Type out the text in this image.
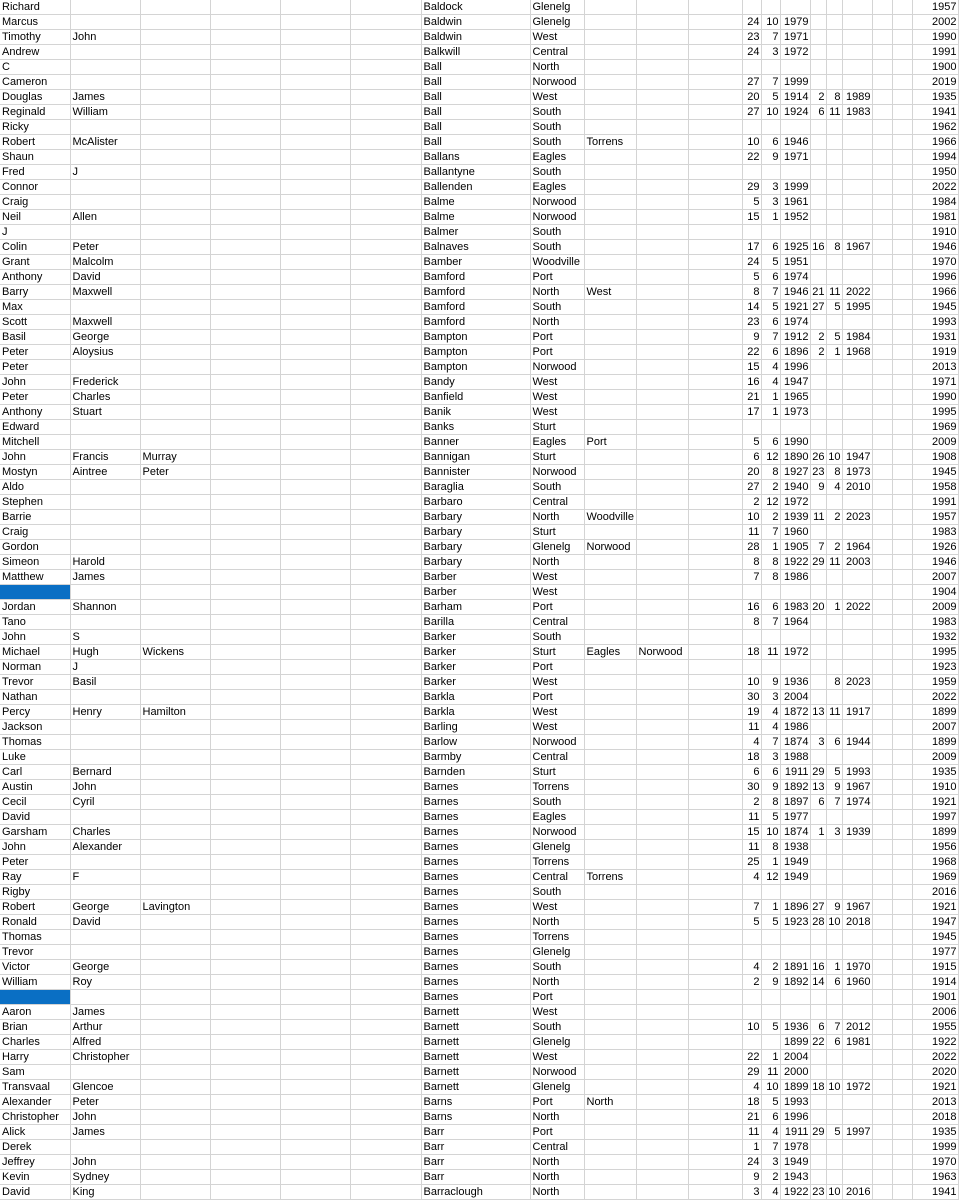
Richard						Baldock	Glenelg												1957
Marcus						Baldwin	Glenelg				24	10	1979						2002
Timothy	John					Baldwin	West				23	7	1971						1990
Andrew						Balkwill	Central				24	3	1972						1991
C						Ball	North												1900
Cameron						Ball	Norwood				27	7	1999						2019
Douglas	James					Ball	West				20	5	1914	2	8	1989			1935
Reginald	William					Ball	South				27	10	1924	6	11	1983			1941
Ricky						Ball	South												1962
Robert	McAlister					Ball	South	Torrens			10	6	1946						1966
Shaun						Ballans	Eagles				22	9	1971						1994
Fred	J					Ballantyne	South												1950
Connor						Ballenden	Eagles				29	3	1999						2022
Craig						Balme	Norwood				5	3	1961						1984
Neil	Allen					Balme	Norwood				15	1	1952						1981
J						Balmer	South												1910
Colin	Peter					Balnaves	South				17	6	1925	16	8	1967			1946
Grant	Malcolm					Bamber	Woodville				24	5	1951						1970
Anthony	David					Bamford	Port				5	6	1974						1996
Barry	Maxwell					Bamford	North	West			8	7	1946	21	11	2022			1966
Max						Bamford	South				14	5	1921	27	5	1995			1945
Scott	Maxwell					Bamford	North				23	6	1974						1993
Basil	George					Bampton	Port				9	7	1912	2	5	1984			1931
Peter	Aloysius					Bampton	Port				22	6	1896	2	1	1968			1919
Peter						Bampton	Norwood				15	4	1996						2013
John	Frederick					Bandy	West				16	4	1947						1971
Peter	Charles					Banfield	West				21	1	1965						1990
Anthony	Stuart					Banik	West				17	1	1973						1995
Edward						Banks	Sturt												1969
Mitchell						Banner	Eagles	Port			5	6	1990						2009
John	Francis	Murray				Bannigan	Sturt				6	12	1890	26	10	1947			1908
Mostyn	Aintree	Peter				Bannister	Norwood				20	8	1927	23	8	1973			1945
Aldo						Baraglia	South				27	2	1940	9	4	2010			1958
Stephen						Barbaro	Central				2	12	1972						1991
Barrie						Barbary	North	Woodville			10	2	1939	11	2	2023			1957
Craig						Barbary	Sturt				11	7	1960						1983
Gordon						Barbary	Glenelg	Norwood			28	1	1905	7	2	1964			1926
Simeon	Harold					Barbary	North				8	8	1922	29	11	2003			1946
Matthew	James					Barber	West				7	8	1986						2007
						Barber	West												1904
Jordan	Shannon					Barham	Port				16	6	1983	20	1	2022			2009
Tano						Barilla	Central				8	7	1964						1983
John	S					Barker	South												1932
Michael	Hugh	Wickens				Barker	Sturt	Eagles	Norwood		18	11	1972						1995
Norman	J					Barker	Port												1923
Trevor	Basil					Barker	West				10	9	1936		8	2023			1959
Nathan						Barkla	Port				30	3	2004						2022
Percy	Henry	Hamilton				Barkla	West				19	4	1872	13	11	1917			1899
Jackson						Barling	West				11	4	1986						2007
Thomas						Barlow	Norwood				4	7	1874	3	6	1944			1899
Luke						Barmby	Central				18	3	1988						2009
Carl	Bernard					Barnden	Sturt				6	6	1911	29	5	1993			1935
Austin	John					Barnes	Torrens				30	9	1892	13	9	1967			1910
Cecil	Cyril					Barnes	South				2	8	1897	6	7	1974			1921
David						Barnes	Eagles				11	5	1977						1997
Garsham	Charles					Barnes	Norwood				15	10	1874	1	3	1939			1899
John	Alexander					Barnes	Glenelg				11	8	1938						1956
Peter						Barnes	Torrens				25	1	1949						1968
Ray	F					Barnes	Central	Torrens			4	12	1949						1969
Rigby						Barnes	South												2016
Robert	George	Lavington				Barnes	West				7	1	1896	27	9	1967			1921
Ronald	David					Barnes	North				5	5	1923	28	10	2018			1947
Thomas						Barnes	Torrens												1945
Trevor						Barnes	Glenelg												1977
Victor	George					Barnes	South				4	2	1891	16	1	1970			1915
William	Roy					Barnes	North				2	9	1892	14	6	1960			1914
						Barnes	Port												1901
Aaron	James					Barnett	West												2006
Brian	Arthur					Barnett	South				10	5	1936	6	7	2012			1955
Charles	Alfred					Barnett	Glenelg						1899	22	6	1981			1922
Harry	Christopher					Barnett	West				22	1	2004						2022
Sam						Barnett	Norwood				29	11	2000						2020
Transvaal	Glencoe					Barnett	Glenelg				4	10	1899	18	10	1972			1921
Alexander	Peter					Barns	Port	North			18	5	1993						2013
Christopher	John					Barns	North				21	6	1996						2018
Alick	James					Barr	Port				11	4	1911	29	5	1997			1935
Derek						Barr	Central				1	7	1978						1999
Jeffrey	John					Barr	North				24	3	1949						1970
Kevin	Sydney					Barr	North				9	2	1943						1963
David	King					Barraclough	North				3	4	1922	23	10	2016			1941
